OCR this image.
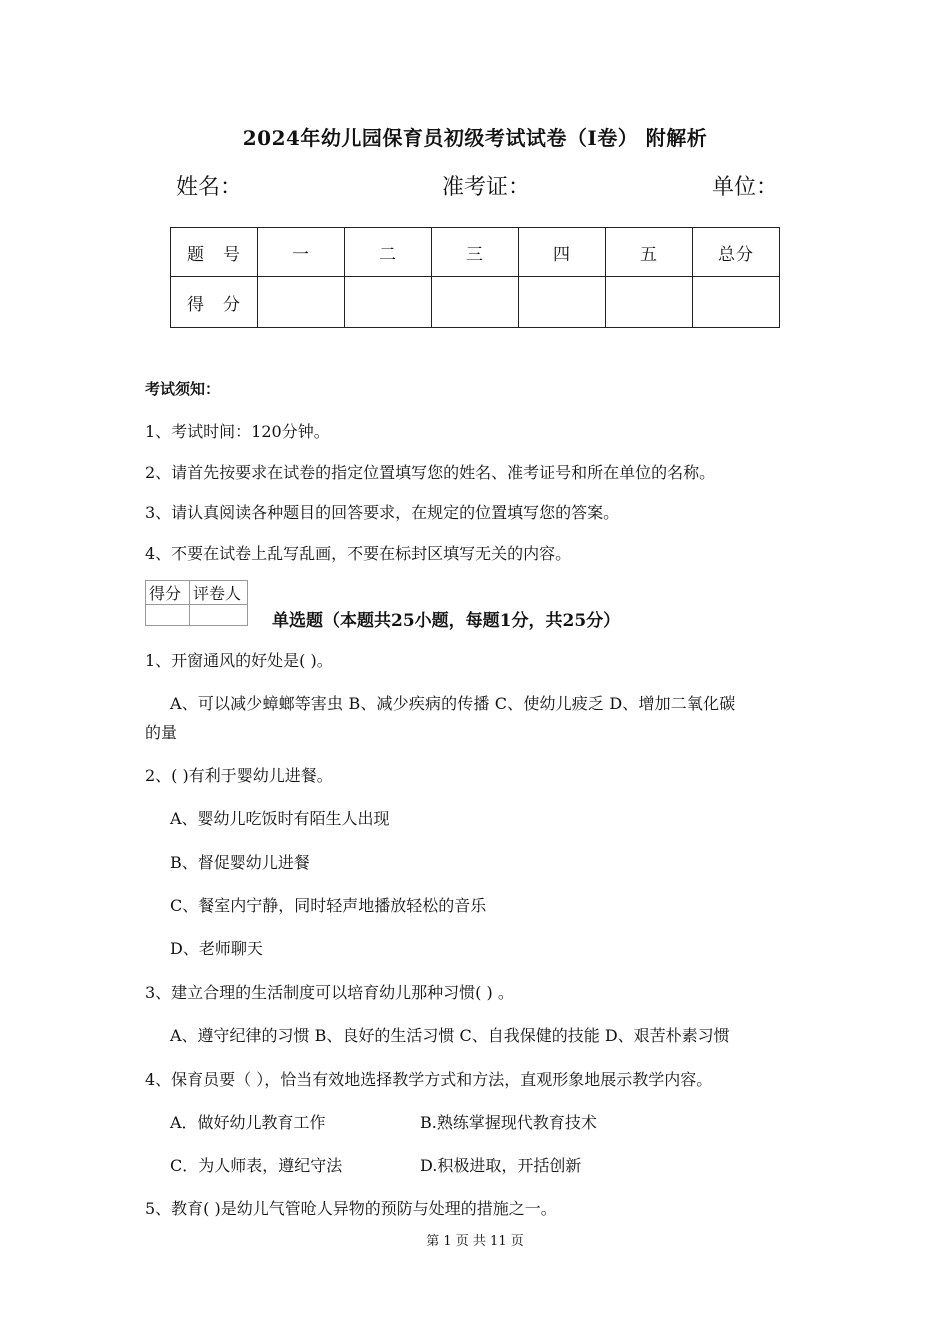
2024年幼儿园保育员初级考试试卷（I卷） 附解析
姓名：	准考证：	单位：
题　号	一	二	三	四	五	总分
得　分						
考试须知：
1、考试时间：120分钟。
2、请首先按要求在试卷的指定位置填写您的姓名、准考证号和所在单位的名称。
3、请认真阅读各种题目的回答要求，在规定的位置填写您的答案。
4、不要在试卷上乱写乱画，不要在标封区填写无关的内容。
得分	评卷人

单选题（本题共25小题，每题1分，共25分）
1、开窗通风的好处是( )。
A、可以减少蟑螂等害虫 B、减少疾病的传播 C、使幼儿疲乏 D、增加二氧化碳
的量
2、( )有利于婴幼儿进餐。
A、婴幼儿吃饭时有陌生人出现
B、督促婴幼儿进餐
C、餐室内宁静，同时轻声地播放轻松的音乐
D、老师聊天
3、建立合理的生活制度可以培育幼儿那种习惯( ) 。
A、遵守纪律的习惯 B、良好的生活习惯 C、自我保健的技能 D、艰苦朴素习惯
4、保育员要（ ），恰当有效地选择教学方式和方法，直观形象地展示教学内容。
A．做好幼儿教育工作	B.熟练掌握现代教育技术
C．为人师表，遵纪守法	D.积极进取，开括创新
5、教育( )是幼儿气管呛人异物的预防与处理的措施之一。
第 1 页 共 11 页
